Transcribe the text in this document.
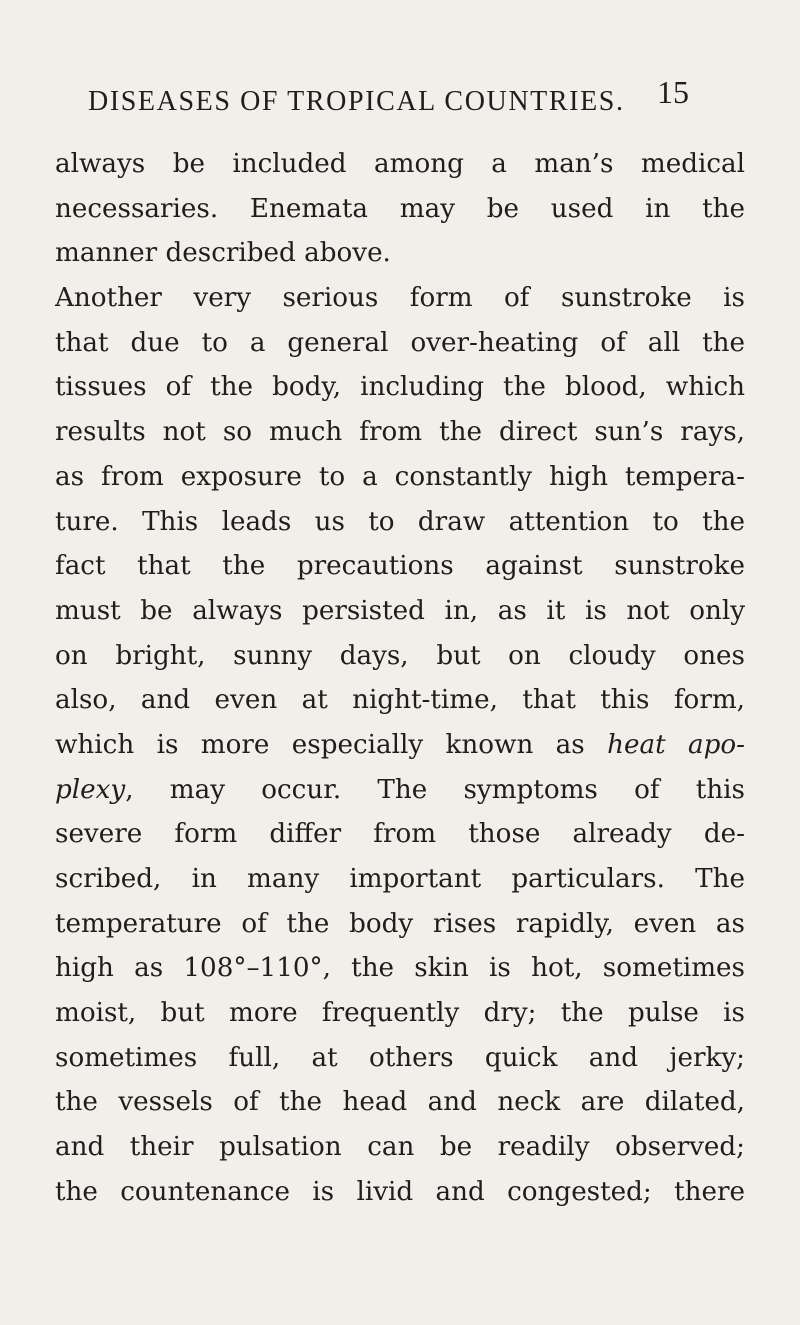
DISEASES OF TROPICAL COUNTRIES. 15
always be included among a man’s medical
necessaries. Enemata may be used in the
manner described above.
Another very serious form of sunstroke is
that due to a general over-heating of all the
tissues of the body, including the blood, which
results not so much from the direct sun’s rays,
as from exposure to a constantly high tempera-
ture. This leads us to draw attention to the
fact that the precautions against sunstroke
must be always persisted in, as it is not only
on bright, sunny days, but on cloudy ones
also, and even at night-time, that this form,
which is more especially known as heat apo-
plexy, may occur. The symptoms of this
severe form differ from those already de-
scribed, in many important particulars. The
temperature of the body rises rapidly, even as
high as 108°–110°, the skin is hot, sometimes
moist, but more frequently dry; the pulse is
sometimes full, at others quick and jerky;
the vessels of the head and neck are dilated,
and their pulsation can be readily observed;
the countenance is livid and congested; there
